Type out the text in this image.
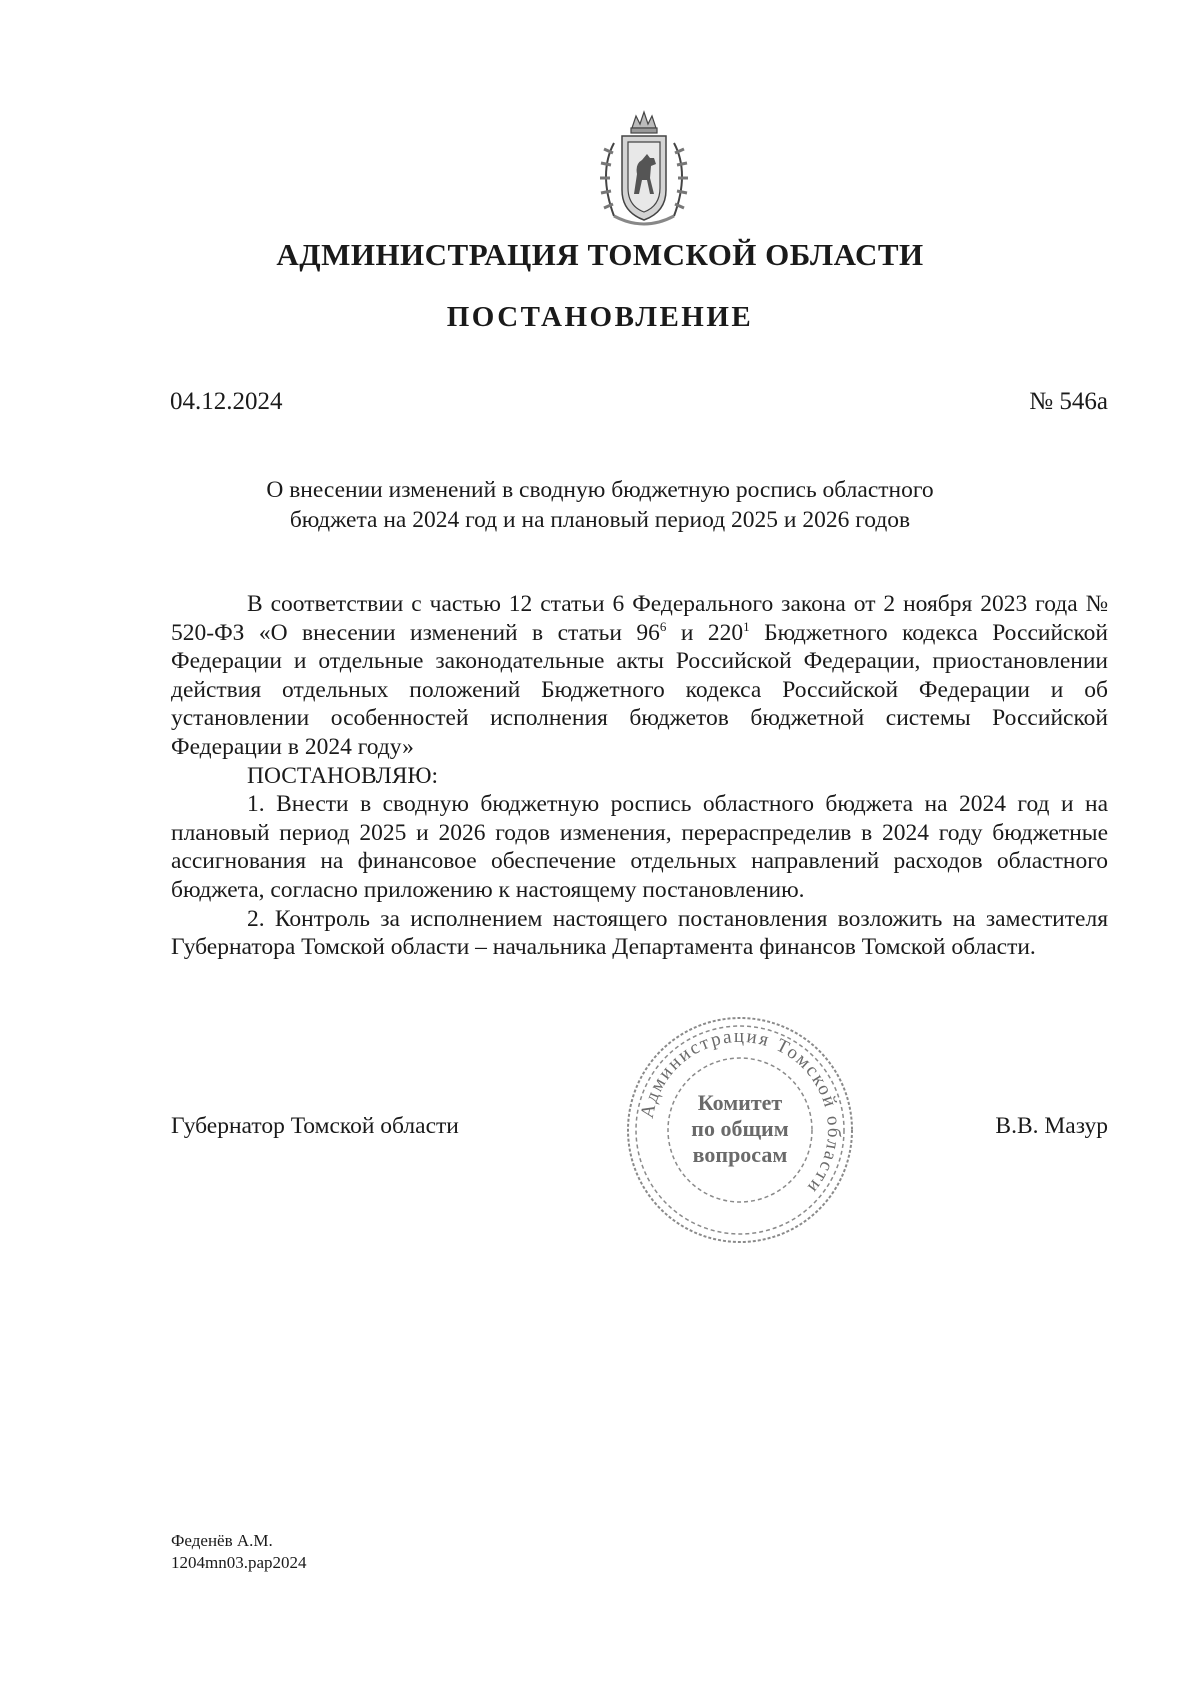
АДМИНИСТРАЦИЯ ТОМСКОЙ ОБЛАСТИ
ПОСТАНОВЛЕНИЕ
04.12.2024	№ 546а
О внесении изменений в сводную бюджетную роспись областного
бюджета на 2024 год и на плановый период 2025 и 2026 годов

В соответствии с частью 12 статьи 6 Федерального закона от 2 ноября 2023 года № 520-ФЗ «О внесении изменений в статьи $96^6$ и $220^1$ Бюджетного кодекса Российской Федерации и отдельные законодательные акты Российской Федерации, приостановлении действия отдельных положений Бюджетного кодекса Российской Федерации и об установлении особенностей исполнения бюджетов бюджетной системы Российской Федерации в 2024 году»

ПОСТАНОВЛЯЮ:

1. Внести в сводную бюджетную роспись областного бюджета на 2024 год и на плановый период 2025 и 2026 годов изменения, перераспределив в 2024 году бюджетные ассигнования на финансовое обеспечение отдельных направлений расходов областного бюджета, согласно приложению к настоящему постановлению.

2. Контроль за исполнением настоящего постановления возложить на заместителя Губернатора Томской области – начальника Департамента финансов Томской области.

Губернатор Томской области	В.В. Мазур
Администрация Томской области
Комитет
по общим
вопросам
Феденёв А.М.
1204mn03.pap2024
